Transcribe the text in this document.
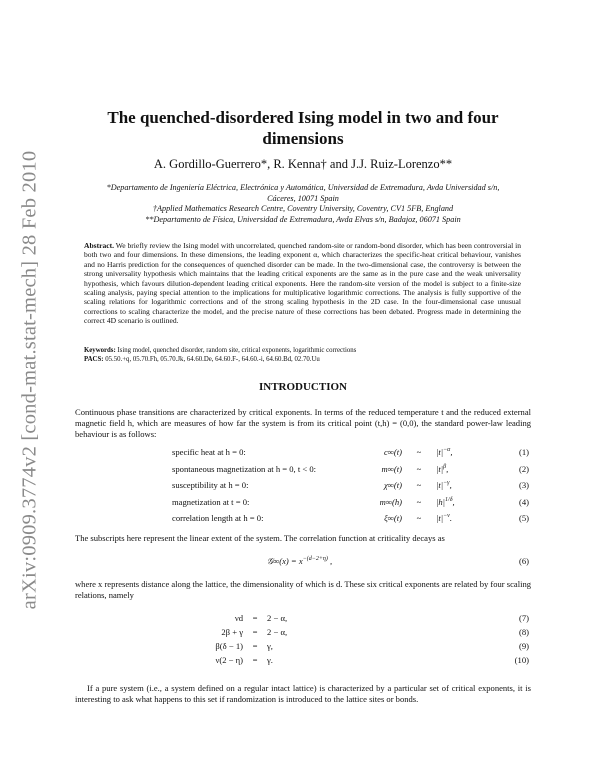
arXiv:0909.3774v2 [cond-mat.stat-mech] 28 Feb 2010
The quenched-disordered Ising model in two and four dimensions
A. Gordillo-Guerrero*, R. Kenna† and J.J. Ruiz-Lorenzo**
*Departamento de Ingeniería Eléctrica, Electrónica y Automática, Universidad de Extremadura, Avda Universidad s/n, Cáceres, 10071 Spain
†Applied Mathematics Research Centre, Coventry University, Coventry, CV1 5FB, England
**Departamento de Física, Universidad de Extremadura, Avda Elvas s/n, Badajoz, 06071 Spain

Abstract. We briefly review the Ising model with uncorrelated, quenched random-site or random-bond disorder, which has been controversial in both two and four dimensions. In these dimensions, the leading exponent α, which characterizes the specific-heat critical behaviour, vanishes and no Harris prediction for the consequences of quenched disorder can be made. In the two-dimensional case, the controversy is between the strong universality hypothesis which maintains that the leading critical exponents are the same as in the pure case and the weak universality hypothesis, which favours dilution-dependent leading critical exponents. Here the random-site version of the model is subject to a finite-size scaling analysis, paying special attention to the implications for multiplicative logarithmic corrections. The analysis is fully supportive of the scaling relations for logarithmic corrections and of the strong scaling hypothesis in the 2D case. In the four-dimensional case unusual corrections to scaling characterize the model, and the precise nature of these corrections has been debated. Progress made in determining the correct 4D scenario is outlined.

Keywords: Ising model, quenched disorder, random site, critical exponents, logarithmic corrections
PACS: 05.50.+q, 05.70.Fh, 05.70.Jk, 64.60.De, 64.60.F-, 64.60.-i, 64.60.Bd, 02.70.Uu
INTRODUCTION

Continuous phase transitions are characterized by critical exponents. In terms of the reduced temperature t and the reduced external magnetic field h, which are measures of how far the system is from its critical point (t,h) = (0,0), the standard power-law leading behaviour is as follows:

specific heat at h = 0:	c∞(t)	~	$|t|^{-\alpha}$,	(1)
spontaneous magnetization at h = 0, t < 0:	m∞(t)	~	$|t|^\beta$,	(2)
susceptibility at h = 0:	χ∞(t)	~	$|t|^{-\gamma}$,	(3)
magnetization at t = 0:	m∞(h)	~	$|h|^{1/\delta}$,	(4)
correlation length at h = 0:	ξ∞(t)	~	$|t|^{-\nu}$.	(5)

The subscripts here represent the linear extent of the system. The correlation function at criticality decays as

𝒢∞(x) = $x^{-(d-2+\eta)}$ ,	(6)

where x represents distance along the lattice, the dimensionality of which is d. These six critical exponents are related by four scaling relations, namely

νd	=	2 − α,	(7)
2β + γ	=	2 − α,	(8)
β(δ − 1)	=	γ,	(9)
ν(2 − η)	=	γ.	(10)

If a pure system (i.e., a system defined on a regular intact lattice) is characterized by a particular set of critical exponents, it is interesting to ask what happens to this set if randomization is introduced to the lattice sites or bonds.
